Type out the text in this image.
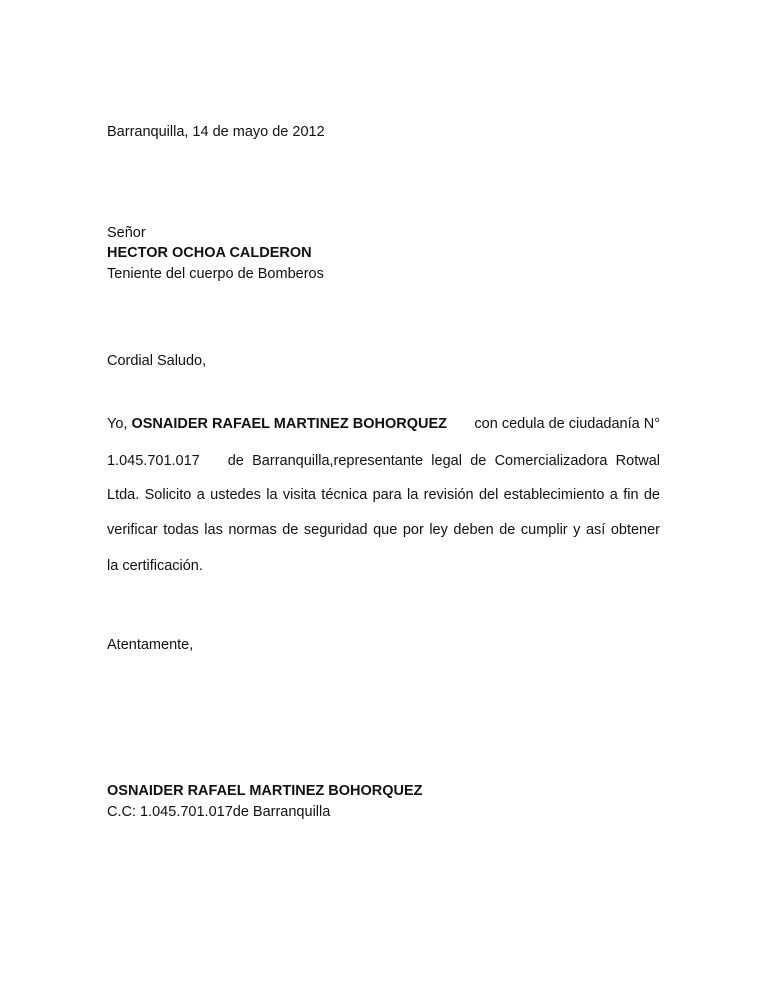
Barranquilla, 14 de mayo de 2012
Señor
HECTOR OCHOA CALDERON
Teniente del cuerpo de Bomberos
Cordial Saludo,
Yo, OSNAIDER RAFAEL MARTINEZ BOHORQUEZ con cedula de ciudadanía N°
1.045.701.017 de Barranquilla,representante legal de Comercializadora Rotwal
Ltda. Solicito a ustedes la visita técnica para la revisión del establecimiento a fin de
verificar todas las normas de seguridad que por ley deben de cumplir y así obtener
la certificación.
Atentamente,
OSNAIDER RAFAEL MARTINEZ BOHORQUEZ
C.C: 1.045.701.017de Barranquilla
